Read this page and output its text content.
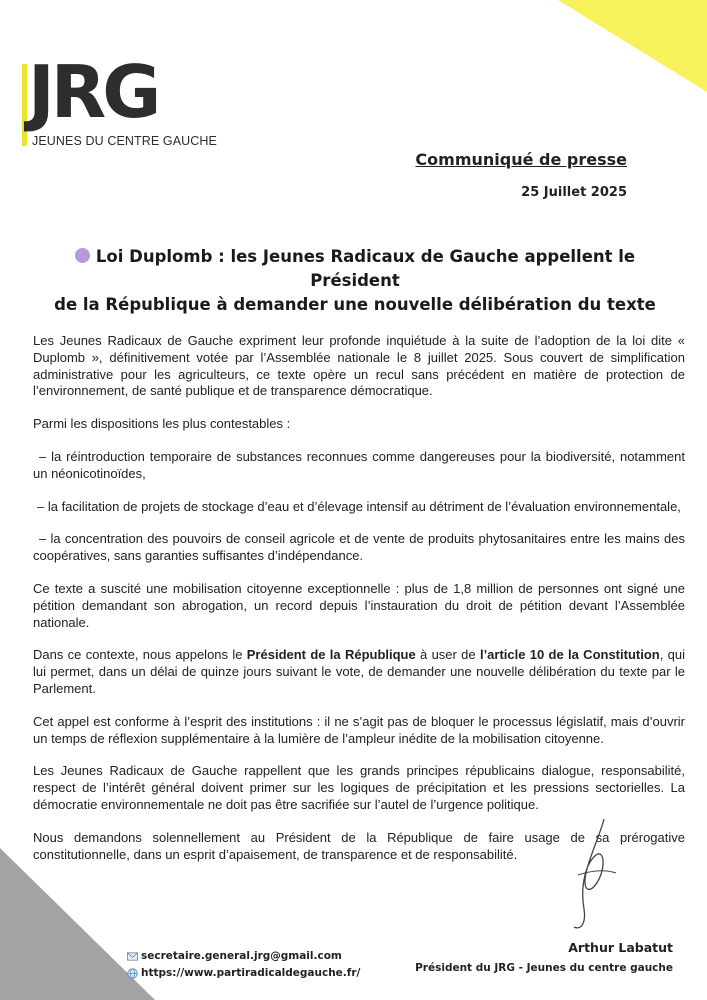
JRG
JEUNES DU CENTRE GAUCHE
Communiqué de presse
25 Juillet 2025
Loi Duplomb : les Jeunes Radicaux de Gauche appellent le Président
de la République à demander une nouvelle délibération du texte

Les Jeunes Radicaux de Gauche expriment leur profonde inquiétude à la suite de l’adoption de la loi dite « Duplomb », définitivement votée par l’Assemblée nationale le 8 juillet 2025. Sous couvert de simplification administrative pour les agriculteurs, ce texte opère un recul sans précédent en matière de protection de l’environnement, de santé publique et de transparence démocratique.

Parmi les dispositions les plus contestables :

– la réintroduction temporaire de substances reconnues comme dangereuses pour la biodiversité, notamment un néonicotinoïdes,

– la facilitation de projets de stockage d’eau et d’élevage intensif au détriment de l’évaluation environnementale,

– la concentration des pouvoirs de conseil agricole et de vente de produits phytosanitaires entre les mains des coopératives, sans garanties suffisantes d’indépendance.

Ce texte a suscité une mobilisation citoyenne exceptionnelle : plus de 1,8 million de personnes ont signé une pétition demandant son abrogation, un record depuis l’instauration du droit de pétition devant l’Assemblée nationale.

Dans ce contexte, nous appelons le Président de la République à user de l’article 10 de la Constitution, qui lui permet, dans un délai de quinze jours suivant le vote, de demander une nouvelle délibération du texte par le Parlement.

Cet appel est conforme à l’esprit des institutions : il ne s’agit pas de bloquer le processus législatif, mais d’ouvrir un temps de réflexion supplémentaire à la lumière de l’ampleur inédite de la mobilisation citoyenne.

Les Jeunes Radicaux de Gauche rappellent que les grands principes républicains dialogue, responsabilité, respect de l’intérêt général doivent primer sur les logiques de précipitation et les pressions sectorielles. La démocratie environnementale ne doit pas être sacrifiée sur l’autel de l’urgence politique.

Nous demandons solennellement au Président de la République de faire usage de sa prérogative constitutionnelle, dans un esprit d’apaisement, de transparence et de responsabilité.

Arthur Labatut
Président du JRG - Jeunes du centre gauche
secretaire.general.jrg@gmail.com
https://www.partiradicaldegauche.fr/
